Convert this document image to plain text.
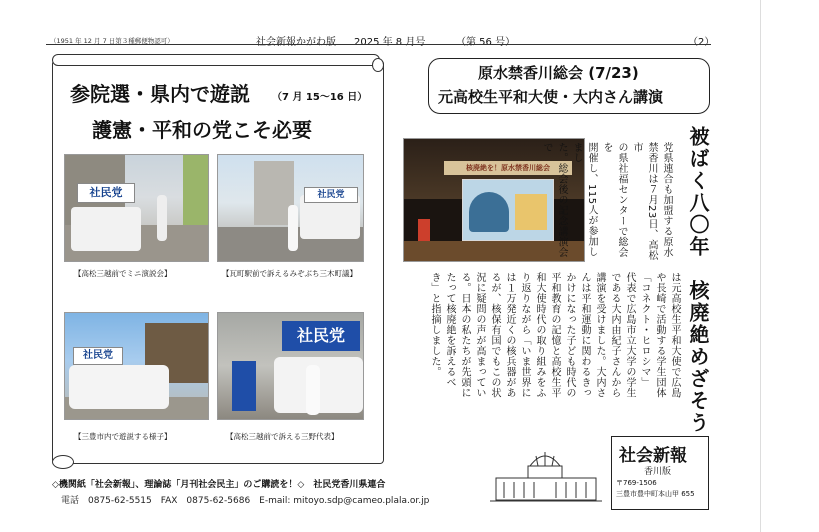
（1951 年 12 月 7 日第３種郵便物認可）	社会新報かがわ版 2025 年 8 月号	（第 56 号）	（2）
参院選・県内で遊説 （7 月 15〜16 日）
護憲・平和の党こそ必要
社民党
【高松三越前でミニ演説会】
社民党
【瓦町駅前で訴えるみぞぶち三木町議】
社民党
【三豊市内で遊説する様子】
社民党
【高松三越前で訴える三野代表】
原水禁香川総会 (7/23)
元高校生平和大使・大内さん講演
核廃絶を！原水禁香川総会	被ばく八〇年　核廃絶めざそう
党県連合も加盟する原水
禁香川は７月23日、高松市
の県社福センターで総会を
開催し、115人が参加しまし
た。総会後の記念講演会で
は元高校生平和大使で広島
や長崎で活動する学生団体
「コネクト・ヒロシマ」
代表で広島市立大学の学生
である大内由紀子さんから
講演を受けました。大内さ
んは平和運動に関わるきっ
かけになった子ども時代の
平和教育の記憶と高校生平
和大使時代の取り組みをふ
り返りながら「いま世界に
は１万発近くの核兵器があ
るが、核保有国でもこの状
況に疑問の声が高まってい
る。日本の私たちが先頭に
たって核廃絶を訴えるべ
き」と指摘しました。
社会新報
香川版
〒769-1506
三豊市豊中町本山甲 655
◇機関紙「社会新報」、理論誌「月刊社会民主」のご購読を！◇　社民党香川県連合
電話　0875-62-5515　FAX　0875-62-5686　E-mail: mitoyo.sdp@cameo.plala.or.jp
